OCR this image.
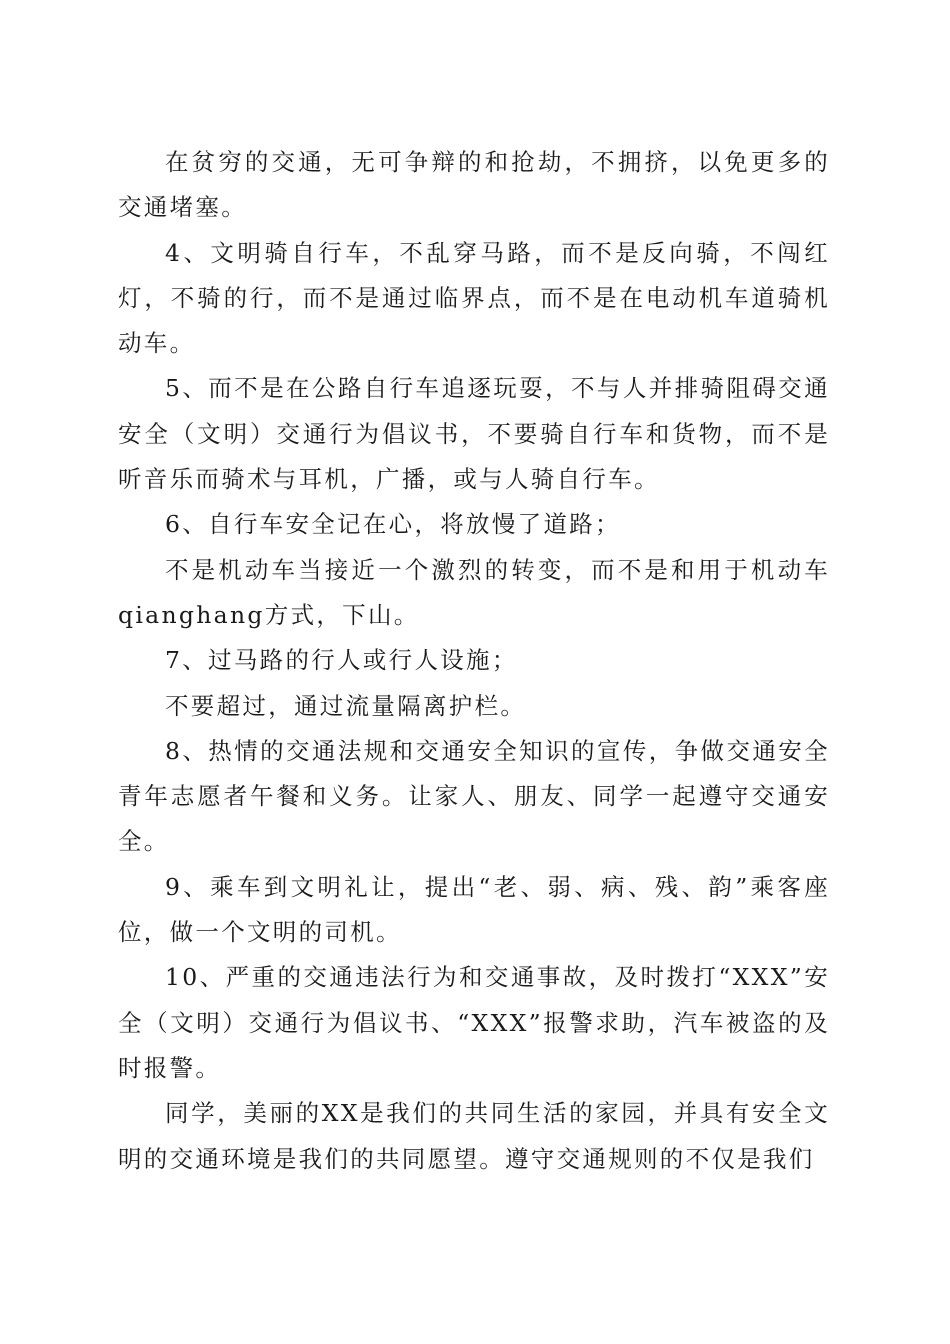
在贫穷的交通，无可争辩的和抢劫，不拥挤，以免更多的交通堵塞。

4、文明骑自行车，不乱穿马路，而不是反向骑，不闯红灯，不骑的行，而不是通过临界点，而不是在电动机车道骑机动车。

5、而不是在公路自行车追逐玩耍，不与人并排骑阻碍交通安全（文明）交通行为倡议书，不要骑自行车和货物，而不是听音乐而骑术与耳机，广播，或与人骑自行车。

6、自行车安全记在心，将放慢了道路；

不是机动车当接近一个激烈的转变，而不是和用于机动车qianghang方式，下山。

7、过马路的行人或行人设施；

不要超过，通过流量隔离护栏。

8、热情的交通法规和交通安全知识的宣传，争做交通安全青年志愿者午餐和义务。让家人、朋友、同学一起遵守交通安全。

9、乘车到文明礼让，提出“老、弱、病、残、韵”乘客座位，做一个文明的司机。

10、严重的交通违法行为和交通事故，及时拨打“XXX”安全（文明）交通行为倡议书、“XXX”报警求助，汽车被盗的及时报警。

同学，美丽的XX是我们的共同生活的家园，并具有安全文明的交通环境是我们的共同愿望。遵守交通规则的不仅是我们
